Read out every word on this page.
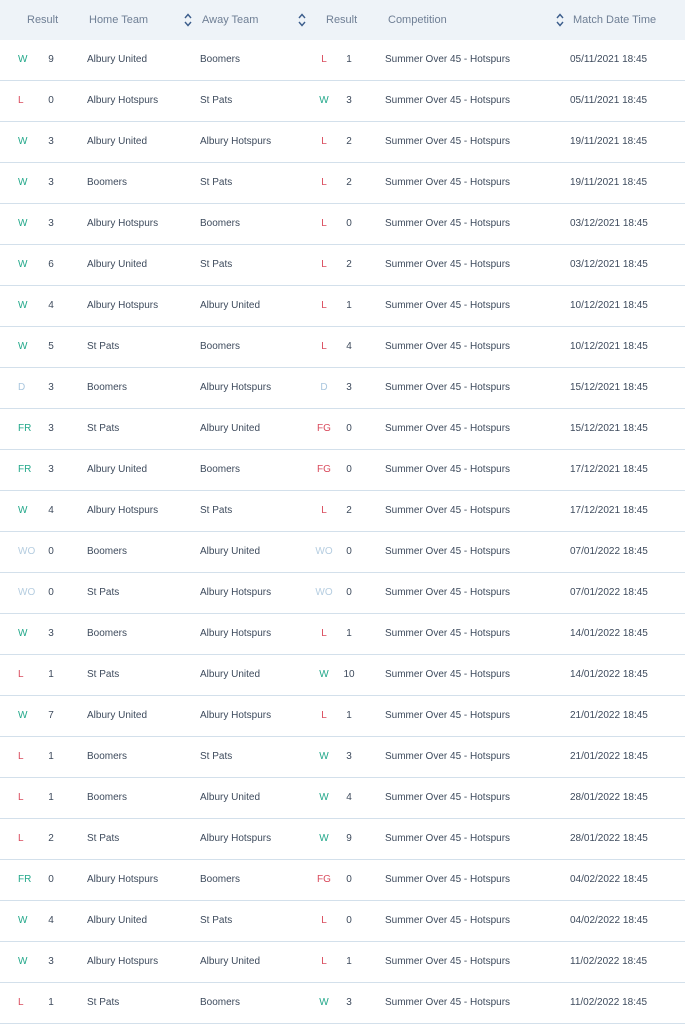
Result	Home Team	Away Team	Result	Competition	Match Date Time
W	9	Albury United	Boomers	L	1	Summer Over 45 - Hotspurs	05/11/2021 18:45
L	0	Albury Hotspurs	St Pats	W	3	Summer Over 45 - Hotspurs	05/11/2021 18:45
W	3	Albury United	Albury Hotspurs	L	2	Summer Over 45 - Hotspurs	19/11/2021 18:45
W	3	Boomers	St Pats	L	2	Summer Over 45 - Hotspurs	19/11/2021 18:45
W	3	Albury Hotspurs	Boomers	L	0	Summer Over 45 - Hotspurs	03/12/2021 18:45
W	6	Albury United	St Pats	L	2	Summer Over 45 - Hotspurs	03/12/2021 18:45
W	4	Albury Hotspurs	Albury United	L	1	Summer Over 45 - Hotspurs	10/12/2021 18:45
W	5	St Pats	Boomers	L	4	Summer Over 45 - Hotspurs	10/12/2021 18:45
D	3	Boomers	Albury Hotspurs	D	3	Summer Over 45 - Hotspurs	15/12/2021 18:45
FR	3	St Pats	Albury United	FG	0	Summer Over 45 - Hotspurs	15/12/2021 18:45
FR	3	Albury United	Boomers	FG	0	Summer Over 45 - Hotspurs	17/12/2021 18:45
W	4	Albury Hotspurs	St Pats	L	2	Summer Over 45 - Hotspurs	17/12/2021 18:45
WO	0	Boomers	Albury United	WO	0	Summer Over 45 - Hotspurs	07/01/2022 18:45
WO	0	St Pats	Albury Hotspurs	WO	0	Summer Over 45 - Hotspurs	07/01/2022 18:45
W	3	Boomers	Albury Hotspurs	L	1	Summer Over 45 - Hotspurs	14/01/2022 18:45
L	1	St Pats	Albury United	W	10	Summer Over 45 - Hotspurs	14/01/2022 18:45
W	7	Albury United	Albury Hotspurs	L	1	Summer Over 45 - Hotspurs	21/01/2022 18:45
L	1	Boomers	St Pats	W	3	Summer Over 45 - Hotspurs	21/01/2022 18:45
L	1	Boomers	Albury United	W	4	Summer Over 45 - Hotspurs	28/01/2022 18:45
L	2	St Pats	Albury Hotspurs	W	9	Summer Over 45 - Hotspurs	28/01/2022 18:45
FR	0	Albury Hotspurs	Boomers	FG	0	Summer Over 45 - Hotspurs	04/02/2022 18:45
W	4	Albury United	St Pats	L	0	Summer Over 45 - Hotspurs	04/02/2022 18:45
W	3	Albury Hotspurs	Albury United	L	1	Summer Over 45 - Hotspurs	11/02/2022 18:45
L	1	St Pats	Boomers	W	3	Summer Over 45 - Hotspurs	11/02/2022 18:45
